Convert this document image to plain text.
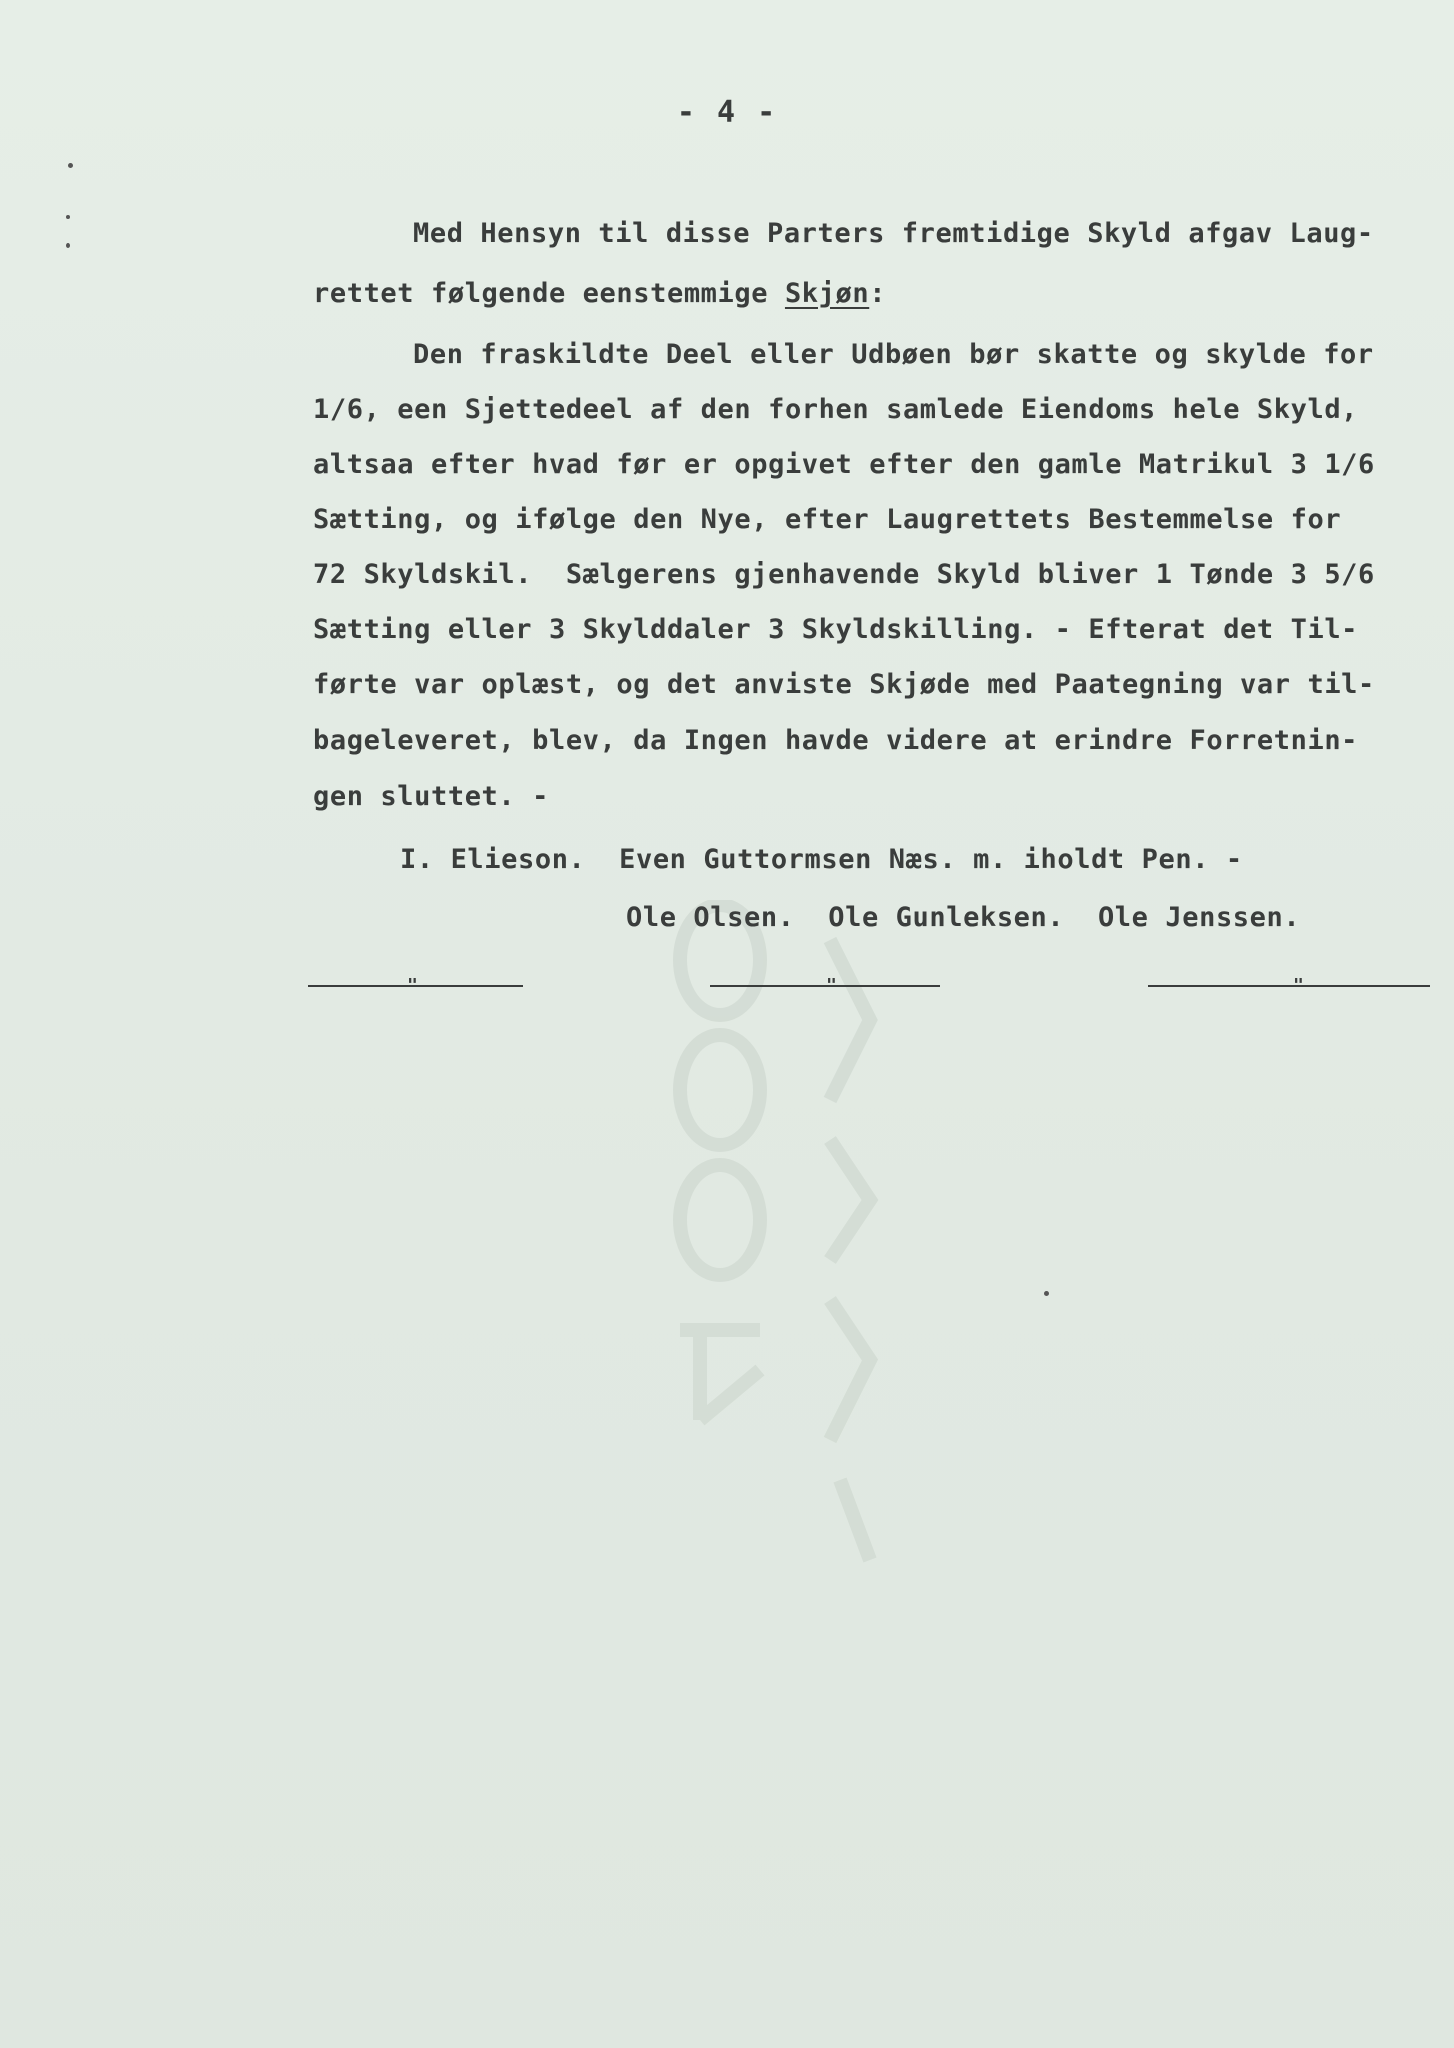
- 4 -
Med Hensyn til disse Parters fremtidige Skyld afgav Laug-
rettet følgende eenstemmige Skjøn:
Den fraskildte Deel eller Udbøen bør skatte og skylde for
1/6, een Sjettedeel af den forhen samlede Eiendoms hele Skyld,
altsaa efter hvad før er opgivet efter den gamle Matrikul 3 1/6
Sætting, og ifølge den Nye, efter Laugrettets Bestemmelse for
72 Skyldskil.  Sælgerens gjenhavende Skyld bliver 1 Tønde 3 5/6
Sætting eller 3 Skylddaler 3 Skyldskilling. - Efterat det Til-
førte var oplæst, og det anviste Skjøde med Paategning var til-
bageleveret, blev, da Ingen havde videre at erindre Forretnin-
gen sluttet. -
I. Elieson.  Even Guttormsen Næs. m. iholdt Pen. -
Ole Olsen.  Ole Gunleksen.  Ole Jenssen.
"	"	"
